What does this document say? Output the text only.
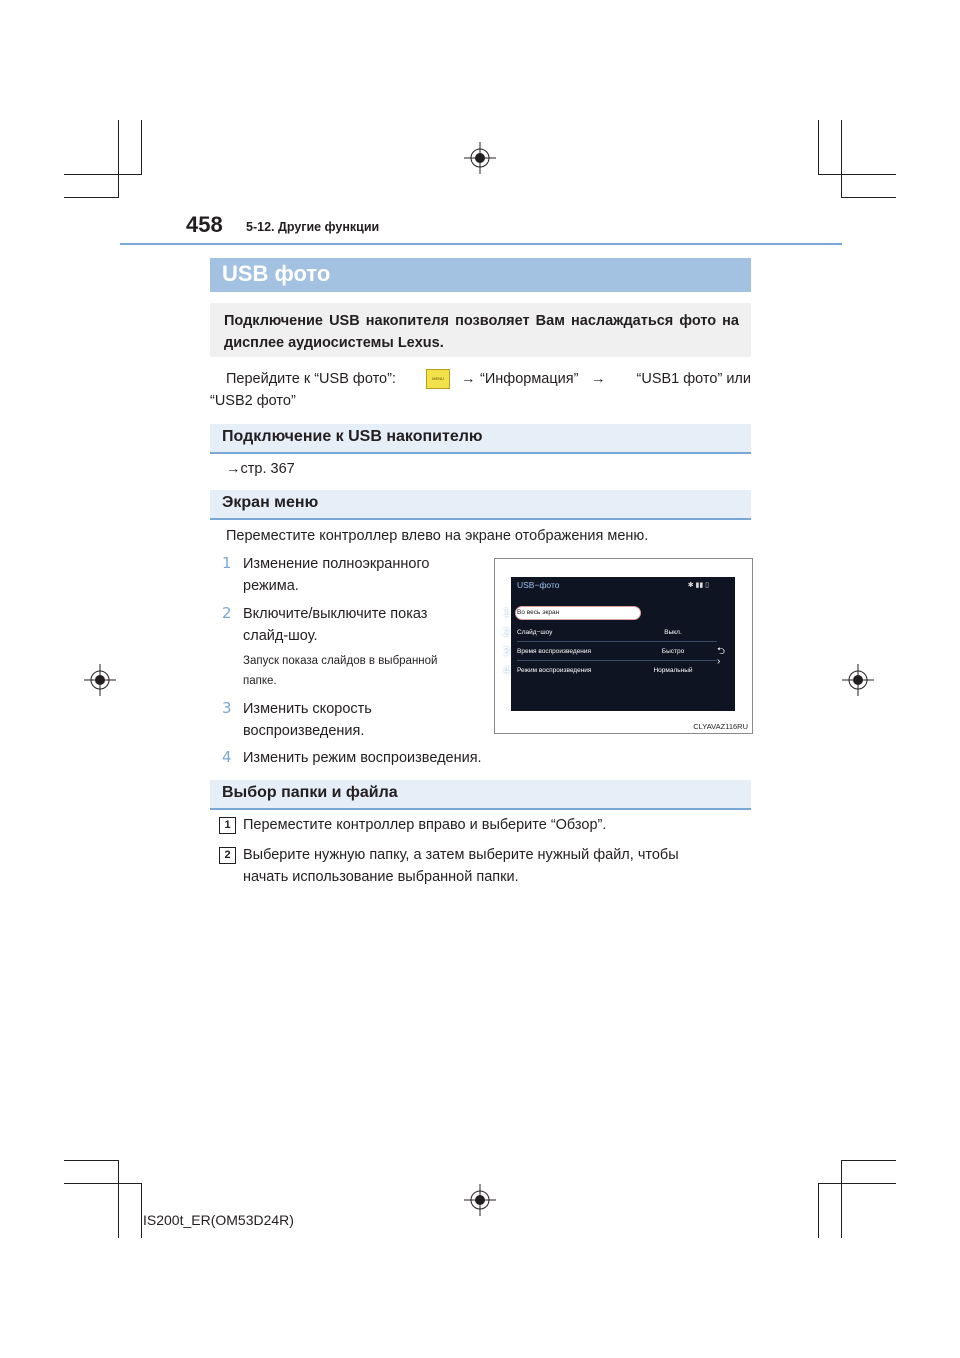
458 5-12. Другие функции
USB фото

Подключение USB накопителя позволяет Вам наслаждаться фото на дисплее аудиосистемы Lexus.

Перейдите к “USB фото”:	MENU	→ “Информация” →	“USB1 фото” или
“USB2 фото”
Подключение к USB накопителю
→стр. 367
Экран меню
Переместите контроллер влево на экране отображения меню.
1 Изменение полноэкранного
режима.
2 Включите/выключите показ
слайд-шоу.
Запуск показа слайдов в выбранной
папке.
3 Изменить скорость
воспроизведения.
4 Изменить режим воспроизведения.
USB−фото	✱ ▮▮ ▯
Во весь экран
Слайд−шоу	Выкл.
Время воспроизведения	Быстро
Режим воспроизведения	Нормальный
⮌
›
1
2
3
4
CLYAVAZ116RU
Выбор папки и файла
1 Переместите контроллер вправо и выберите “Обзор”.
2 Выберите нужную папку, а затем выберите нужный файл, чтобы
начать использование выбранной папки.
IS200t_ER(OM53D24R)
